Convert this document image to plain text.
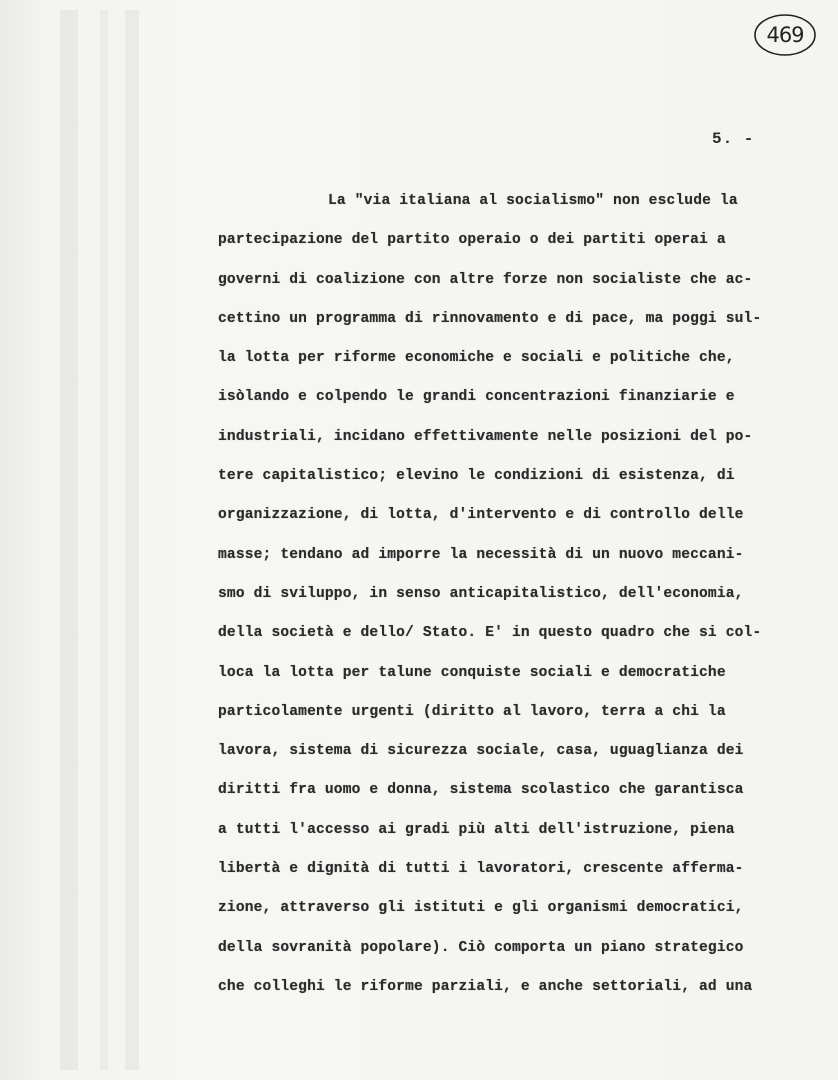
469
5. -
La "via italiana al socialismo" non esclude la
partecipazione del partito operaio o dei partiti operai a
governi di coalizione con altre forze non socialiste che ac-
cettino un programma di rinnovamento e di pace, ma poggi sul-
la lotta per riforme economiche e sociali e politiche che,
isòlando e colpendo le grandi concentrazioni finanziarie e
industriali, incidano effettivamente nelle posizioni del po-
tere capitalistico; elevino le condizioni di esistenza, di
organizzazione, di lotta, d'intervento e di controllo delle
masse; tendano ad imporre la necessità di un nuovo meccani-
smo di sviluppo, in senso anticapitalistico, dell'economia,
della società e dello/ Stato. E' in questo quadro che si col-
loca la lotta per talune conquiste sociali e democratiche
particolamente urgenti (diritto al lavoro, terra a chi la
lavora, sistema di sicurezza sociale, casa, uguaglianza dei
diritti fra uomo e donna, sistema scolastico che garantisca
a tutti l'accesso ai gradi più alti dell'istruzione, piena
libertà e dignità di tutti i lavoratori, crescente afferma-
zione, attraverso gli istituti e gli organismi democratici,
della sovranità popolare). Ciò comporta un piano strategico
che colleghi le riforme parziali, e anche settoriali, ad una
